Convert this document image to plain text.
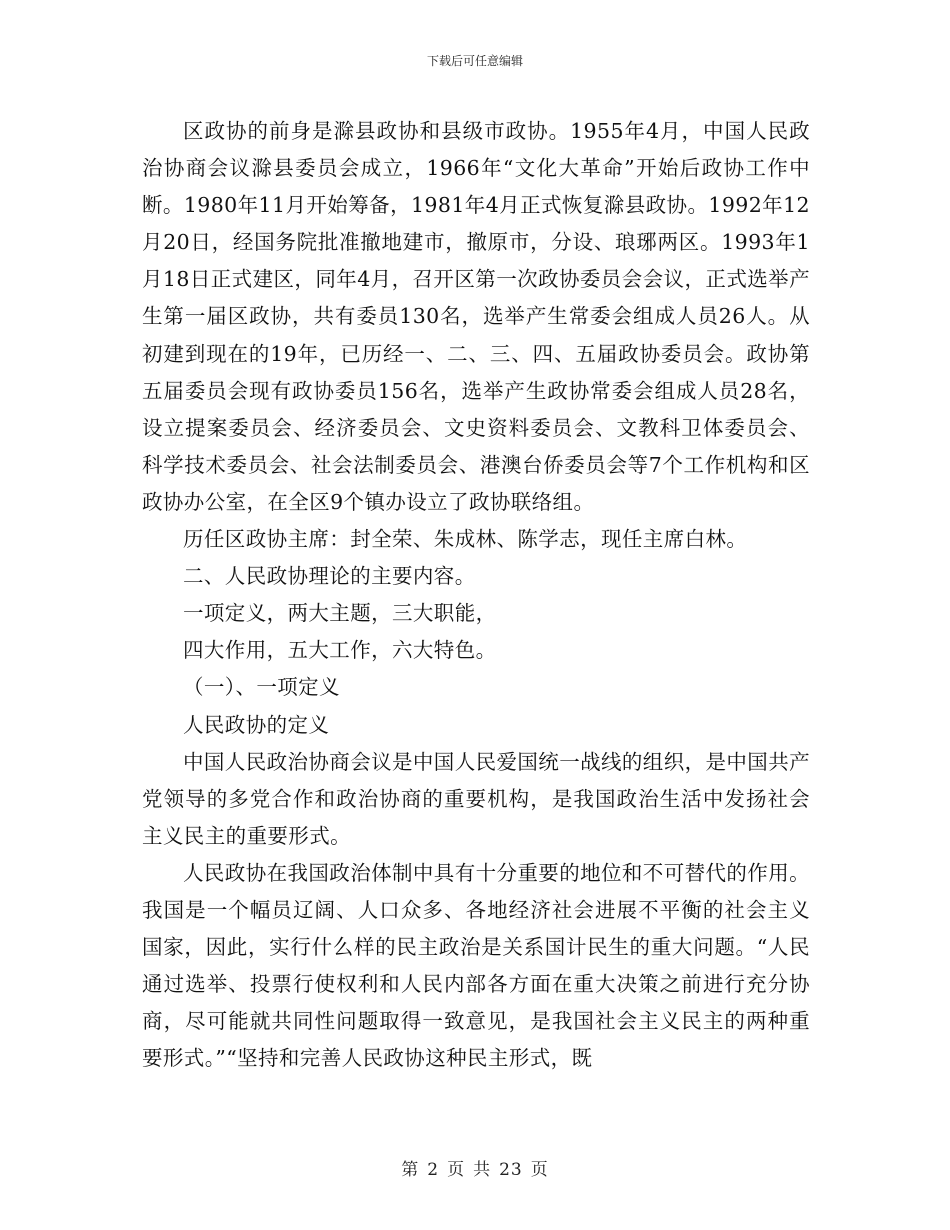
下载后可任意编辑

区政协的前身是滁县政协和县级市政协。1955年4月，中国人民政治协商会议滁县委员会成立，1966年“文化大革命”开始后政协工作中断。1980年11月开始筹备，1981年4月正式恢复滁县政协。1992年12月20日，经国务院批准撤地建市，撤原市，分设、琅琊两区。1993年1月18日正式建区，同年4月，召开区第一次政协委员会会议，正式选举产生第一届区政协，共有委员130名，选举产生常委会组成人员26人。从初建到现在的19年，已历经一、二、三、四、五届政协委员会。政协第五届委员会现有政协委员156名，选举产生政协常委会组成人员28名，设立提案委员会、经济委员会、文史资料委员会、文教科卫体委员会、科学技术委员会、社会法制委员会、港澳台侨委员会等7个工作机构和区政协办公室，在全区9个镇办设立了政协联络组。

历任区政协主席：封全荣、朱成林、陈学志，现任主席白林。

二、人民政协理论的主要内容。

一项定义，两大主题，三大职能，

四大作用，五大工作，六大特色。

（一）、一项定义

人民政协的定义

中国人民政治协商会议是中国人民爱国统一战线的组织，是中国共产党领导的多党合作和政治协商的重要机构，是我国政治生活中发扬社会主义民主的重要形式。

人民政协在我国政治体制中具有十分重要的地位和不可替代的作用。我国是一个幅员辽阔、人口众多、各地经济社会进展不平衡的社会主义国家，因此，实行什么样的民主政治是关系国计民生的重大问题。“人民通过选举、投票行使权利和人民内部各方面在重大决策之前进行充分协商，尽可能就共同性问题取得一致意见，是我国社会主义民主的两种重要形式。”“坚持和完善人民政协这种民主形式，既

第 2 页 共 23 页
